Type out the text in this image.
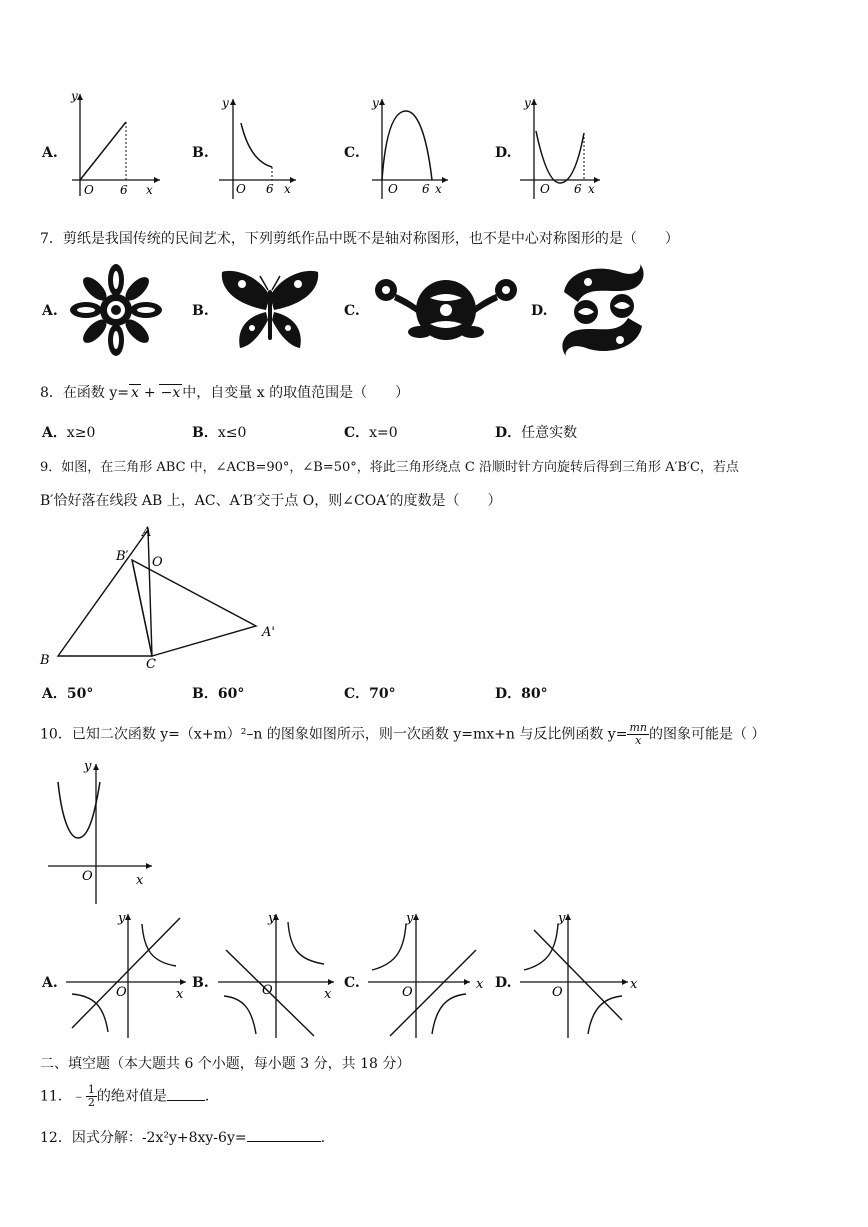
A.
y
x
O 6
B.
y
x
O 6
C.
y
x
O 6
D.
y
x
O 6
7．剪纸是我国传统的民间艺术，下列剪纸作品中既不是轴对称图形，也不是中心对称图形的是（　　）
A.	B.	C.	D.
8．在函数 y= x + −x 中，自变量 x 的取值范围是（　　）
A．x≥0	B．x≤0	C．x=0	D．任意实数
9．如图，在三角形 ABC 中，∠ACB=90°，∠B=50°，将此三角形绕点 C 沿顺时针方向旋转后得到三角形 A′B′C，若点
B′恰好落在线段 AB 上，AC、A′B′交于点 O，则∠COA′的度数是（　　）
A
B	C
B′ O
A'
A．50°	B．60°	C．70°	D．80°
10．已知二次函数 y=（x+m）²–n 的图象如图所示，则一次函数 y=mx+n 与反比例函数 $y= \frac{mn}{x}$ 的图象可能是（ ）
y
x
O
A.
y
x
O
B.
y
x
O	C.
y
x
O
D.
y
x
O
二、填空题（本大题共 6 个小题，每小题 3 分，共 18 分）
11．﹣ $\frac{1}{2}$ 的绝对值是	.
12．因式分解：-2x²y+8xy-6y=	.
